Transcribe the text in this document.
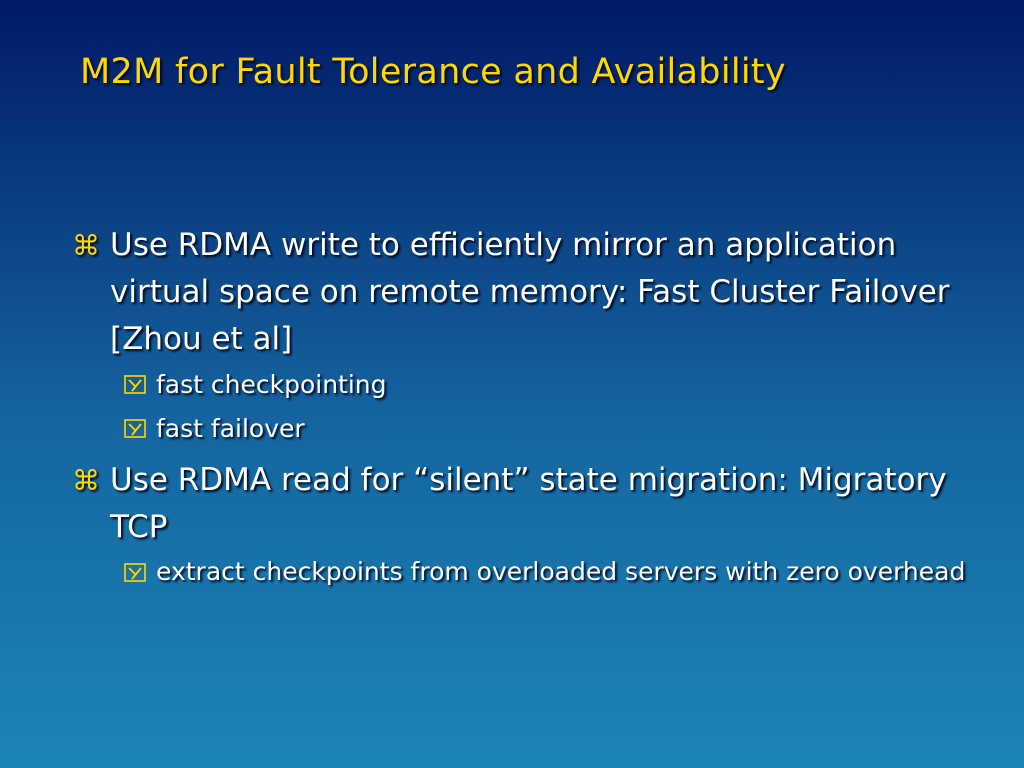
M2M for Fault Tolerance and Availability
⌘ Use RDMA write to efficiently mirror an application virtual space on remote memory: Fast Cluster Failover [Zhou et al]
fast checkpointing
fast failover
⌘ Use RDMA read for “silent” state migration: Migratory TCP
extract checkpoints from overloaded servers with zero overhead
